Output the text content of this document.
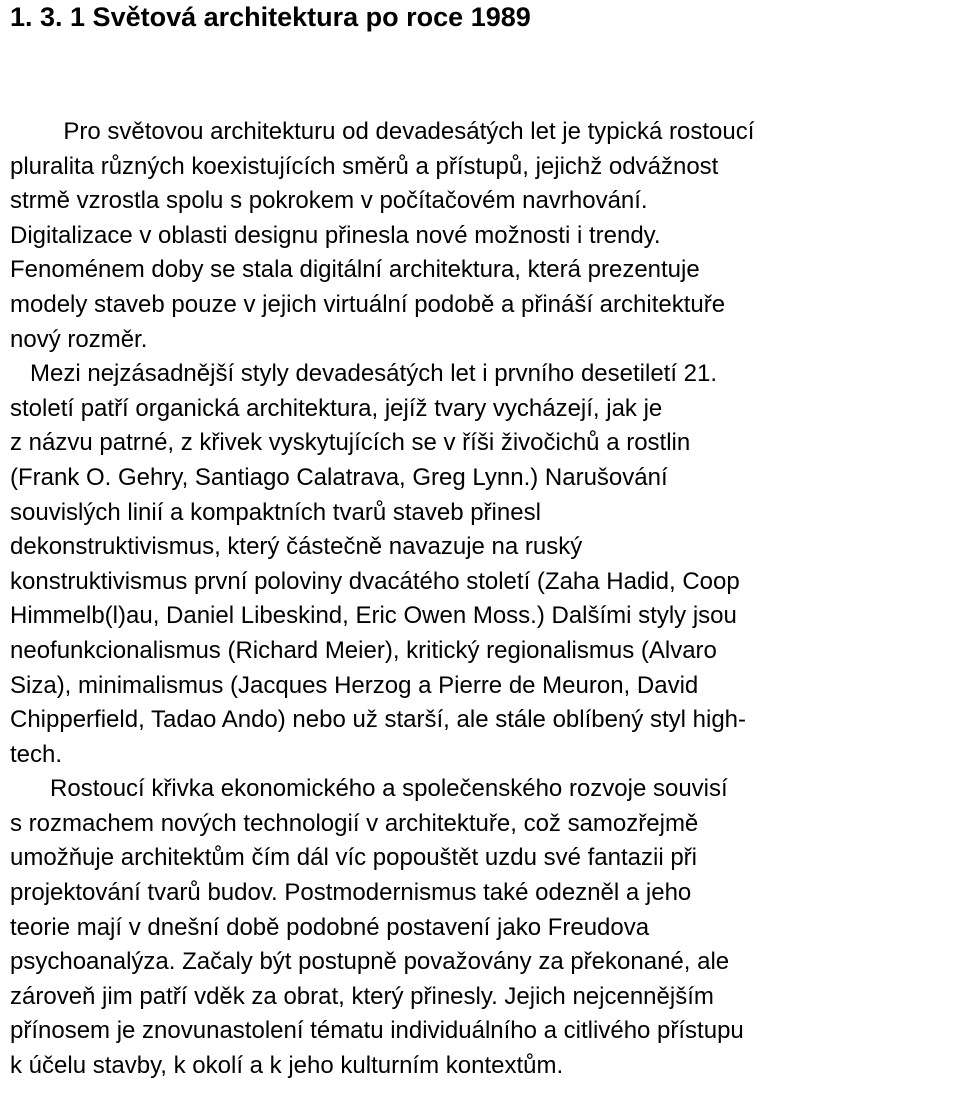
1. 3. 1 Světová architektura po roce 1989

Pro světovou architekturu od devadesátých let je typická rostoucí
pluralita různých koexistujících směrů a přístupů, jejichž odvážnost
strmě vzrostla spolu s pokrokem v počítačovém navrhování.
Digitalizace v oblasti designu přinesla nové možnosti i trendy.
Fenoménem doby se stala digitální architektura, která prezentuje
modely staveb pouze v jejich virtuální podobě a přináší architektuře
nový rozměr.

Mezi nejzásadnější styly devadesátých let i prvního desetiletí 21.
století patří organická architektura, jejíž tvary vycházejí, jak je
z názvu patrné, z křivek vyskytujících se v říši živočichů a rostlin
(Frank O. Gehry, Santiago Calatrava, Greg Lynn.) Narušování
souvislých linií a kompaktních tvarů staveb přinesl
dekonstruktivismus, který částečně navazuje na ruský
konstruktivismus první poloviny dvacátého století (Zaha Hadid, Coop
Himmelb(l)au, Daniel Libeskind, Eric Owen Moss.) Dalšími styly jsou
neofunkcionalismus (Richard Meier), kritický regionalismus (Alvaro
Siza), minimalismus (Jacques Herzog a Pierre de Meuron, David
Chipperfield, Tadao Ando) nebo už starší, ale stále oblíbený styl high-
tech.

Rostoucí křivka ekonomického a společenského rozvoje souvisí
s rozmachem nových technologií v architektuře, což samozřejmě
umožňuje architektům čím dál víc popouštět uzdu své fantazii při
projektování tvarů budov. Postmodernismus také odezněl a jeho
teorie mají v dnešní době podobné postavení jako Freudova
psychoanalýza. Začaly být postupně považovány za překonané, ale
zároveň jim patří vděk za obrat, který přinesly. Jejich nejcennějším
přínosem je znovunastolení tématu individuálního a citlivého přístupu
k účelu stavby, k okolí a k jeho kulturním kontextům.
